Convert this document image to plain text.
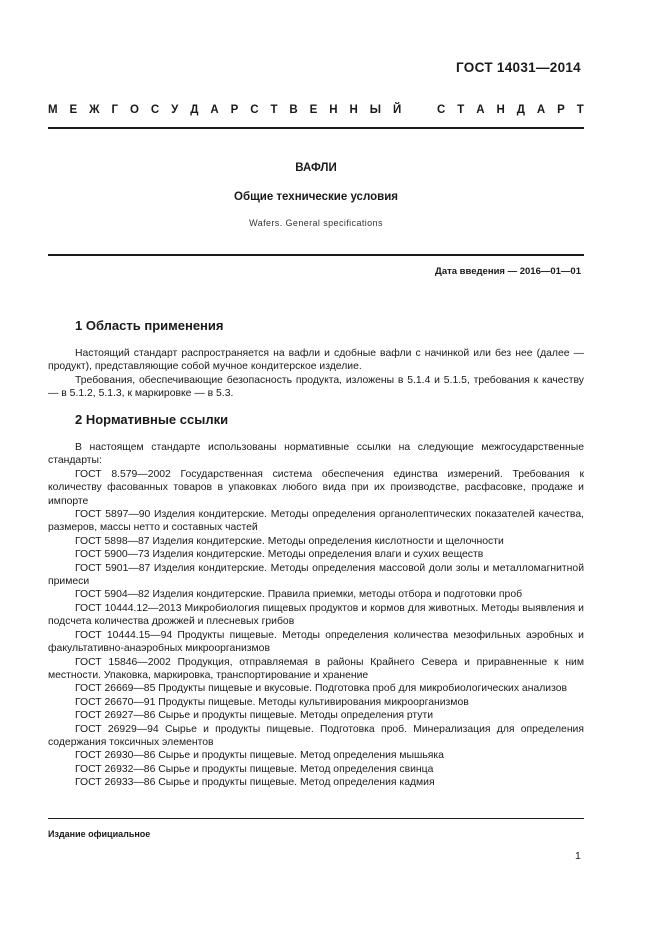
ГОСТ 14031—2014
М Е Ж Г О С У Д А Р С Т В Е Н Н Ы Й	С Т А Н Д А Р Т
ВАФЛИ
Общие технические условия
Wafers. General specifications
Дата введения — 2016—01—01
1 Область применения

Настоящий стандарт распространяется на вафли и сдобные вафли с начинкой или без нее (далее — продукт), представляющие собой мучное кондитерское изделие.

Требования, обеспечивающие безопасность продукта, изложены в 5.1.4 и 5.1.5, требования к качеству — в 5.1.2, 5.1.3, к маркировке — в 5.3.

2 Нормативные ссылки

В настоящем стандарте использованы нормативные ссылки на следующие межгосударственные стандарты:

ГОСТ 8.579—2002 Государственная система обеспечения единства измерений. Требования к количеству фасованных товаров в упаковках любого вида при их производстве, расфасовке, продаже и импорте

ГОСТ 5897—90 Изделия кондитерские. Методы определения органолептических показателей качества, размеров, массы нетто и составных частей

ГОСТ 5898—87 Изделия кондитерские. Методы определения кислотности и щелочности

ГОСТ 5900—73 Изделия кондитерские. Методы определения влаги и сухих веществ

ГОСТ 5901—87 Изделия кондитерские. Методы определения массовой доли золы и металломагнитной примеси

ГОСТ 5904—82 Изделия кондитерские. Правила приемки, методы отбора и подготовки проб

ГОСТ 10444.12—2013 Микробиология пищевых продуктов и кормов для животных. Методы выявления и подсчета количества дрожжей и плесневых грибов

ГОСТ 10444.15—94 Продукты пищевые. Методы определения количества мезофильных аэробных и факультативно-анаэробных микроорганизмов

ГОСТ 15846—2002 Продукция, отправляемая в районы Крайнего Севера и приравненные к ним местности. Упаковка, маркировка, транспортирование и хранение

ГОСТ 26669—85 Продукты пищевые и вкусовые. Подготовка проб для микробиологических анализов

ГОСТ 26670—91 Продукты пищевые. Методы культивирования микроорганизмов

ГОСТ 26927—86 Сырье и продукты пищевые. Методы определения ртути

ГОСТ 26929—94 Сырье и продукты пищевые. Подготовка проб. Минерализация для определения содержания токсичных элементов

ГОСТ 26930—86 Сырье и продукты пищевые. Метод определения мышьяка

ГОСТ 26932—86 Сырье и продукты пищевые. Метод определения свинца

ГОСТ 26933—86 Сырье и продукты пищевые. Метод определения кадмия

Издание официальное
1
